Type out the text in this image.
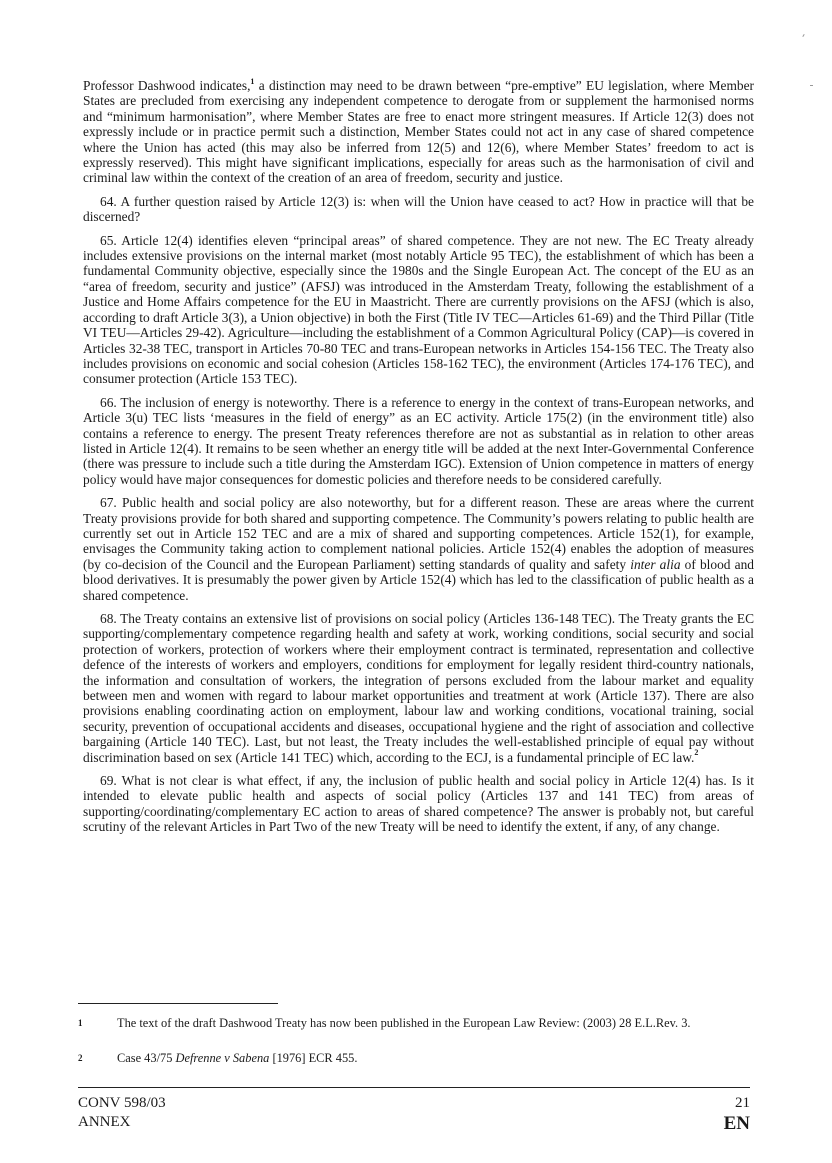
Professor Dashwood indicates,$^1$ a distinction may need to be drawn between “pre-emptive” EU legislation, where Member States are precluded from exercising any independent competence to derogate from or supplement the harmonised norms and “minimum harmonisation”, where Member States are free to enact more stringent measures. If Article 12(3) does not expressly include or in practice permit such a distinction, Member States could not act in any case of shared competence where the Union has acted (this may also be inferred from 12(5) and 12(6), where Member States’ freedom to act is expressly reserved). This might have significant implications, especially for areas such as the harmonisation of civil and criminal law within the context of the creation of an area of freedom, security and justice.

64. A further question raised by Article 12(3) is: when will the Union have ceased to act? How in practice will that be discerned?

65. Article 12(4) identifies eleven “principal areas” of shared competence. They are not new. The EC Treaty already includes extensive provisions on the internal market (most notably Article 95 TEC), the establishment of which has been a fundamental Community objective, especially since the 1980s and the Single European Act. The concept of the EU as an “area of freedom, security and justice” (AFSJ) was introduced in the Amsterdam Treaty, following the establishment of a Justice and Home Affairs competence for the EU in Maastricht. There are currently provisions on the AFSJ (which is also, according to draft Article 3(3), a Union objective) in both the First (Title IV TEC—Articles 61-69) and the Third Pillar (Title VI TEU—Articles 29-42). Agriculture—including the establishment of a Common Agricultural Policy (CAP)—is covered in Articles 32-38 TEC, transport in Articles 70-80 TEC and trans-European networks in Articles 154-156 TEC. The Treaty also includes provisions on economic and social cohesion (Articles 158-162 TEC), the environment (Articles 174-176 TEC), and consumer protection (Article 153 TEC).

66. The inclusion of energy is noteworthy. There is a reference to energy in the context of trans-European networks, and Article 3(u) TEC lists ‘measures in the field of energy” as an EC activity. Article 175(2) (in the environment title) also contains a reference to energy. The present Treaty references therefore are not as substantial as in relation to other areas listed in Article 12(4). It remains to be seen whether an energy title will be added at the next Inter-Governmental Conference (there was pressure to include such a title during the Amsterdam IGC). Extension of Union competence in matters of energy policy would have major consequences for domestic policies and therefore needs to be considered carefully.

67. Public health and social policy are also noteworthy, but for a different reason. These are areas where the current Treaty provisions provide for both shared and supporting competence. The Community’s powers relating to public health are currently set out in Article 152 TEC and are a mix of shared and supporting competences. Article 152(1), for example, envisages the Community taking action to complement national policies. Article 152(4) enables the adoption of measures (by co-decision of the Council and the European Parliament) setting standards of quality and safety inter alia of blood and blood derivatives. It is presumably the power given by Article 152(4) which has led to the classification of public health as a shared competence.

68. The Treaty contains an extensive list of provisions on social policy (Articles 136-148 TEC). The Treaty grants the EC supporting/complementary competence regarding health and safety at work, working conditions, social security and social protection of workers, protection of workers where their employment contract is terminated, representation and collective defence of the interests of workers and employers, conditions for employment for legally resident third-country nationals, the information and consultation of workers, the integration of persons excluded from the labour market and equality between men and women with regard to labour market opportunities and treatment at work (Article 137). There are also provisions enabling coordinating action on employment, labour law and working conditions, vocational training, social security, prevention of occupational accidents and diseases, occupational hygiene and the right of association and collective bargaining (Article 140 TEC). Last, but not least, the Treaty includes the well-established principle of equal pay without discrimination based on sex (Article 141 TEC) which, according to the ECJ, is a fundamental principle of EC law.$^2$

69. What is not clear is what effect, if any, the inclusion of public health and social policy in Article 12(4) has. Is it intended to elevate public health and aspects of social policy (Articles 137 and 141 TEC) from areas of supporting/coordinating/complementary EC action to areas of shared competence? The answer is probably not, but careful scrutiny of the relevant Articles in Part Two of the new Treaty will be need to identify the extent, if any, of any change.

1	The text of the draft Dashwood Treaty has now been published in the European Law Review: (2003) 28 E.L.Rev. 3.
2	Case 43/75 Defrenne v Sabena [1976] ECR 455.
CONV 598/03
ANNEX
21
EN
